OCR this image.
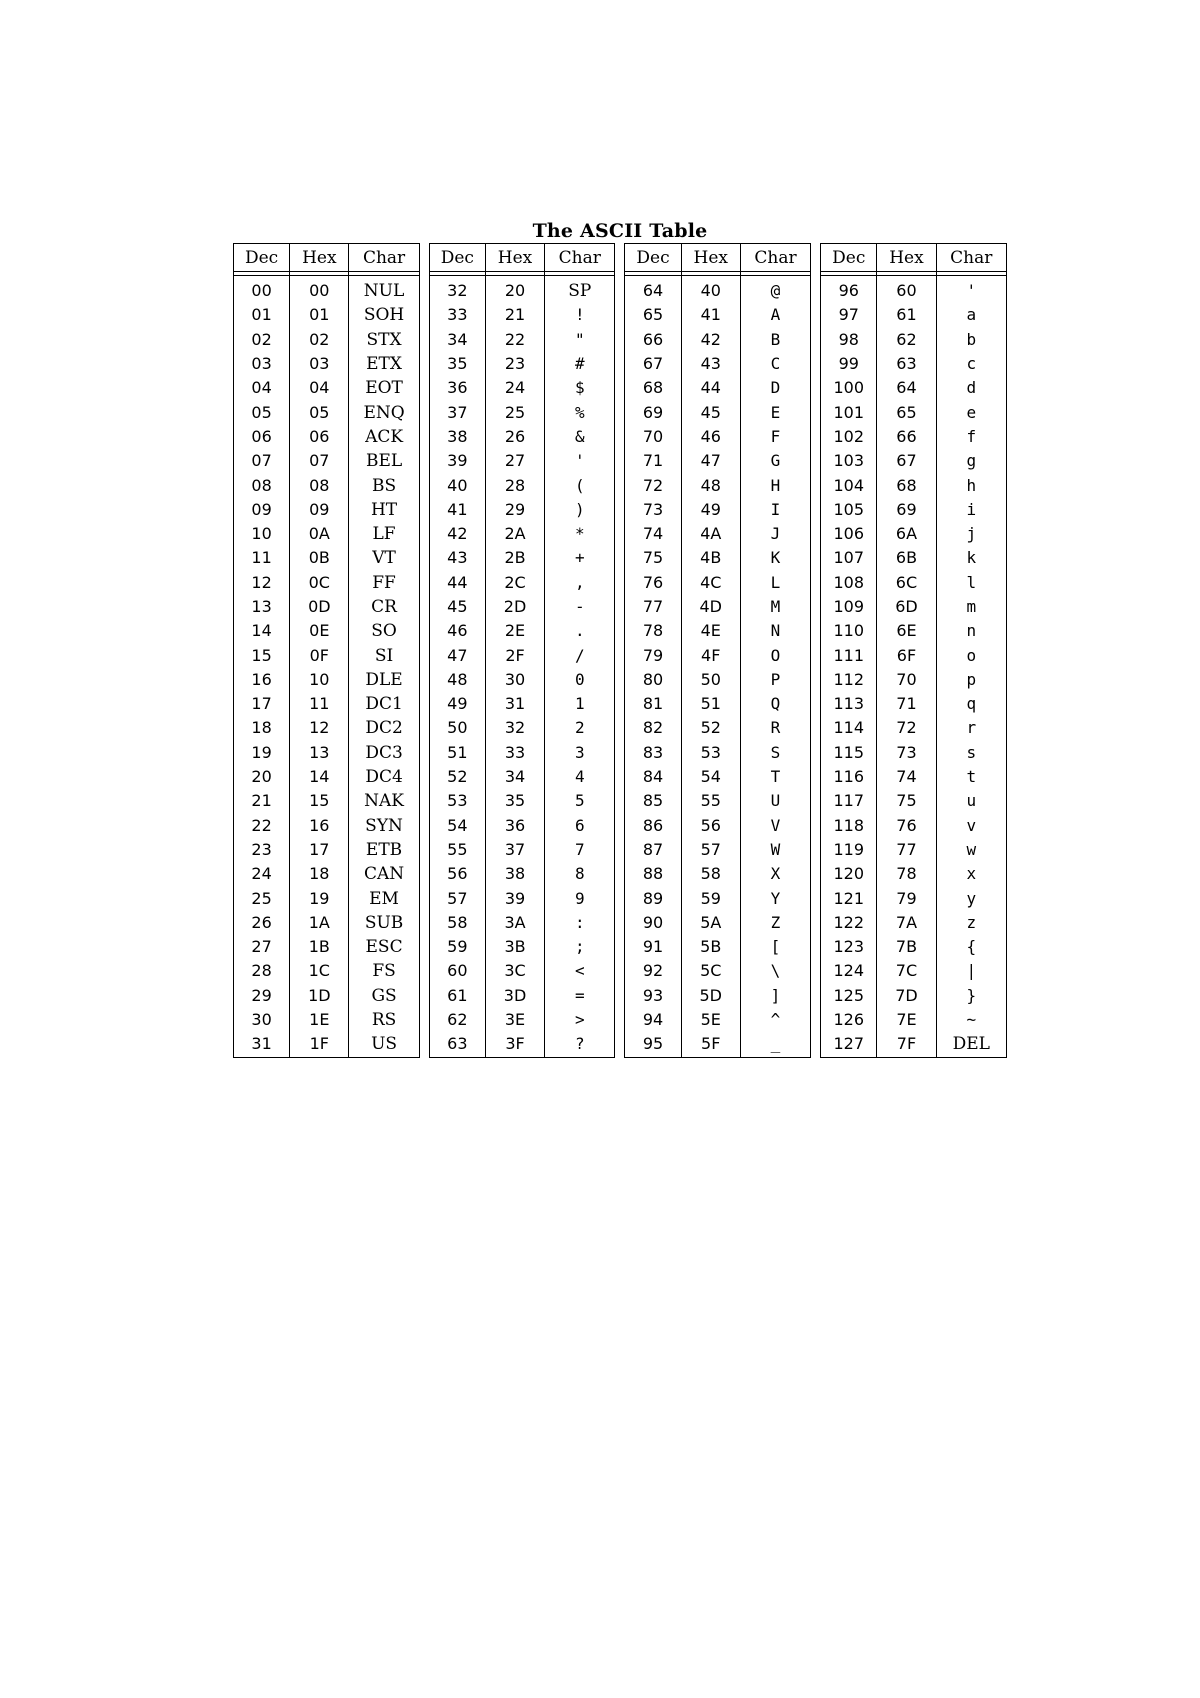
The ASCII Table
Dec	Hex	Char		Dec	Hex	Char		Dec	Hex	Char		Dec	Hex	Char

00	00	NUL		32	20	SP		64	40	@		96	60	'
01	01	SOH		33	21	!		65	41	A		97	61	a
02	02	STX		34	22	"		66	42	B		98	62	b
03	03	ETX		35	23	#		67	43	C		99	63	c
04	04	EOT		36	24	$		68	44	D		100	64	d
05	05	ENQ		37	25	%		69	45	E		101	65	e
06	06	ACK		38	26	&		70	46	F		102	66	f
07	07	BEL		39	27	'		71	47	G		103	67	g
08	08	BS		40	28	(		72	48	H		104	68	h
09	09	HT		41	29	)		73	49	I		105	69	i
10	0A	LF		42	2A	*		74	4A	J		106	6A	j
11	0B	VT		43	2B	+		75	4B	K		107	6B	k
12	0C	FF		44	2C	,		76	4C	L		108	6C	l
13	0D	CR		45	2D	-		77	4D	M		109	6D	m
14	0E	SO		46	2E	.		78	4E	N		110	6E	n
15	0F	SI		47	2F	/		79	4F	O		111	6F	o
16	10	DLE		48	30	0		80	50	P		112	70	p
17	11	DC1		49	31	1		81	51	Q		113	71	q
18	12	DC2		50	32	2		82	52	R		114	72	r
19	13	DC3		51	33	3		83	53	S		115	73	s
20	14	DC4		52	34	4		84	54	T		116	74	t
21	15	NAK		53	35	5		85	55	U		117	75	u
22	16	SYN		54	36	6		86	56	V		118	76	v
23	17	ETB		55	37	7		87	57	W		119	77	w
24	18	CAN		56	38	8		88	58	X		120	78	x
25	19	EM		57	39	9		89	59	Y		121	79	y
26	1A	SUB		58	3A	:		90	5A	Z		122	7A	z
27	1B	ESC		59	3B	;		91	5B	[		123	7B	{
28	1C	FS		60	3C	<		92	5C	\		124	7C	|
29	1D	GS		61	3D	=		93	5D	]		125	7D	}
30	1E	RS		62	3E	>		94	5E	^		126	7E	~
31	1F	US		63	3F	?		95	5F	_		127	7F	DEL
